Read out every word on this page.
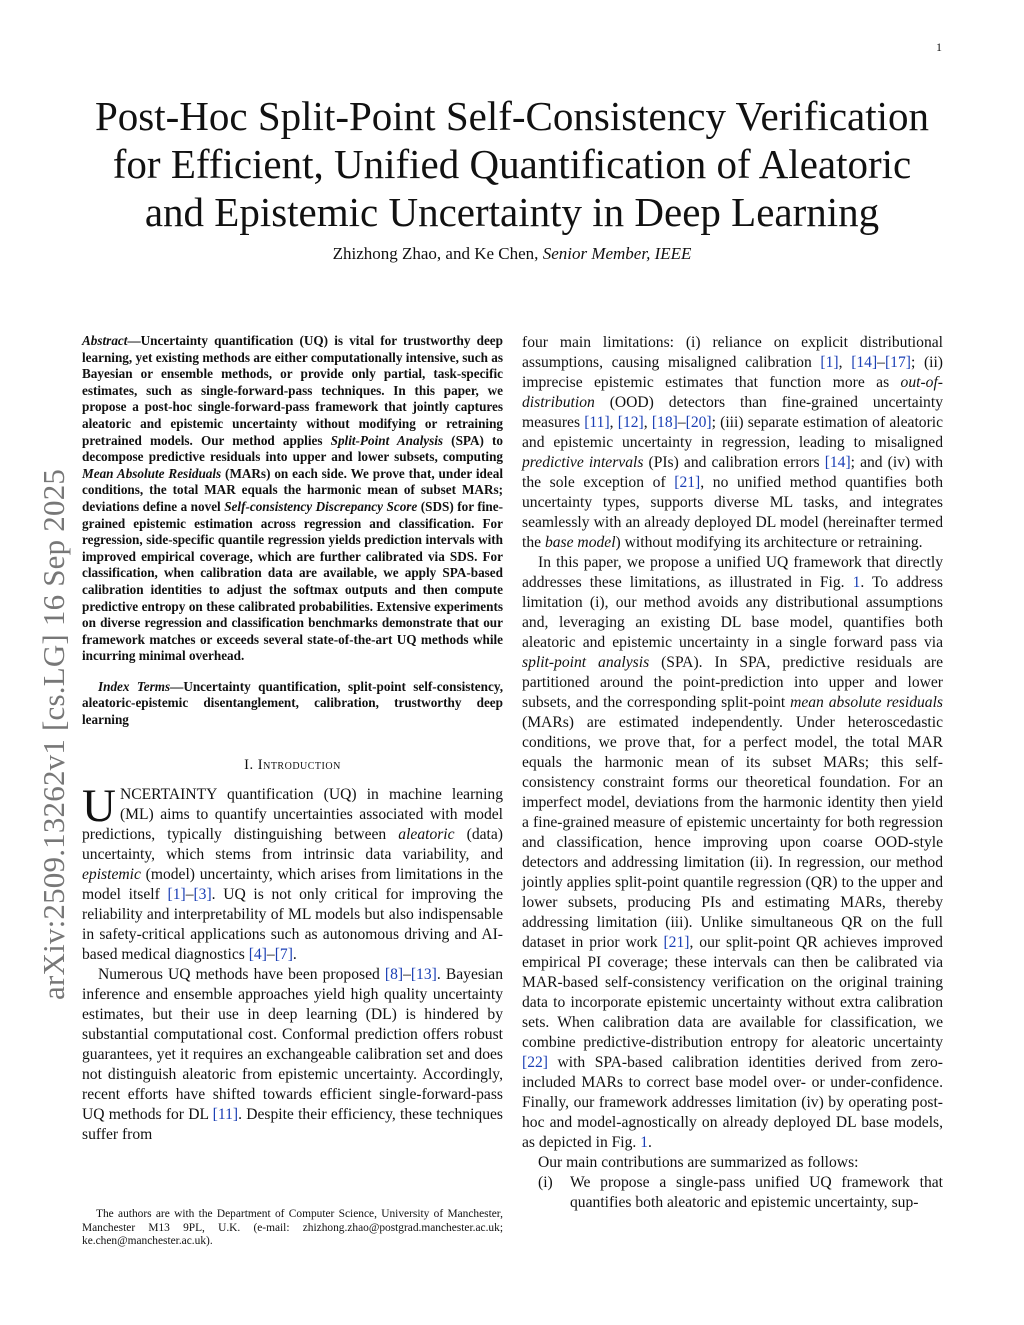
1
arXiv:2509.13262v1 [cs.LG] 16 Sep 2025
Post-Hoc Split-Point Self-Consistency Verification
for Efficient, Unified Quantification of Aleatoric
and Epistemic Uncertainty in Deep Learning
Zhizhong Zhao, and Ke Chen, Senior Member, IEEE

Abstract—Uncertainty quantification (UQ) is vital for trustworthy deep learning, yet existing methods are either computationally intensive, such as Bayesian or ensemble methods, or provide only partial, task-specific estimates, such as single-forward-pass techniques. In this paper, we propose a post-hoc single-forward-pass framework that jointly captures aleatoric and epistemic uncertainty without modifying or retraining pretrained models. Our method applies Split-Point Analysis (SPA) to decompose predictive residuals into upper and lower subsets, computing Mean Absolute Residuals (MARs) on each side. We prove that, under ideal conditions, the total MAR equals the harmonic mean of subset MARs; deviations define a novel Self-consistency Discrepancy Score (SDS) for fine-grained epistemic estimation across regression and classification. For regression, side-specific quantile regression yields prediction intervals with improved empirical coverage, which are further calibrated via SDS. For classification, when calibration data are available, we apply SPA-based calibration identities to adjust the softmax outputs and then compute predictive entropy on these calibrated probabilities. Extensive experiments on diverse regression and classification benchmarks demonstrate that our framework matches or exceeds several state-of-the-art UQ methods while incurring minimal overhead.

Index Terms—Uncertainty quantification, split-point self-consistency, aleatoric-epistemic disentanglement, calibration, trustworthy deep learning

I. Introduction

UNCERTAINTY quantification (UQ) in machine learning (ML) aims to quantify uncertainties associated with model predictions, typically distinguishing between aleatoric (data) uncertainty, which stems from intrinsic data variability, and epistemic (model) uncertainty, which arises from limitations in the model itself [1]–[3]. UQ is not only critical for improving the reliability and interpretability of ML models but also indispensable in safety-critical applications such as autonomous driving and AI-based medical diagnostics [4]–[7].

Numerous UQ methods have been proposed [8]–[13]. Bayesian inference and ensemble approaches yield high quality uncertainty estimates, but their use in deep learning (DL) is hindered by substantial computational cost. Conformal prediction offers robust guarantees, yet it requires an exchangeable calibration set and does not distinguish aleatoric from epistemic uncertainty. Accordingly, recent efforts have shifted towards efficient single-forward-pass UQ methods for DL [11]. Despite their efficiency, these techniques suffer from

The authors are with the Department of Computer Science, University of Manchester, Manchester M13 9PL, U.K. (e-mail: zhizhong.zhao@postgrad.manchester.ac.uk; ke.chen@manchester.ac.uk).

four main limitations: (i) reliance on explicit distributional assumptions, causing misaligned calibration [1], [14]–[17]; (ii) imprecise epistemic estimates that function more as out-of-distribution (OOD) detectors than fine-grained uncertainty measures [11], [12], [18]–[20]; (iii) separate estimation of aleatoric and epistemic uncertainty in regression, leading to misaligned predictive intervals (PIs) and calibration errors [14]; and (iv) with the sole exception of [21], no unified method quantifies both uncertainty types, supports diverse ML tasks, and integrates seamlessly with an already deployed DL model (hereinafter termed the base model) without modifying its architecture or retraining.

In this paper, we propose a unified UQ framework that directly addresses these limitations, as illustrated in Fig. 1. To address limitation (i), our method avoids any distributional assumptions and, leveraging an existing DL base model, quantifies both aleatoric and epistemic uncertainty in a single forward pass via split-point analysis (SPA). In SPA, predictive residuals are partitioned around the point-prediction into upper and lower subsets, and the corresponding split-point mean absolute residuals (MARs) are estimated independently. Under heteroscedastic conditions, we prove that, for a perfect model, the total MAR equals the harmonic mean of its subset MARs; this self-consistency constraint forms our theoretical foundation. For an imperfect model, deviations from the harmonic identity then yield a fine-grained measure of epistemic uncertainty for both regression and classification, hence improving upon coarse OOD-style detectors and addressing limitation (ii). In regression, our method jointly applies split-point quantile regression (QR) to the upper and lower subsets, producing PIs and estimating MARs, thereby addressing limitation (iii). Unlike simultaneous QR on the full dataset in prior work [21], our split-point QR achieves improved empirical PI coverage; these intervals can then be calibrated via MAR-based self-consistency verification on the original training data to incorporate epistemic uncertainty without extra calibration sets. When calibration data are available for classification, we combine predictive-distribution entropy for aleatoric uncertainty [22] with SPA-based calibration identities derived from zero-included MARs to correct base model over- or under-confidence. Finally, our framework addresses limitation (iv) by operating post-hoc and model-agnostically on already deployed DL base models, as depicted in Fig. 1.

Our main contributions are summarized as follows:

(i)	We propose a single-pass unified UQ framework that quantifies both aleatoric and epistemic uncertainty, sup-
